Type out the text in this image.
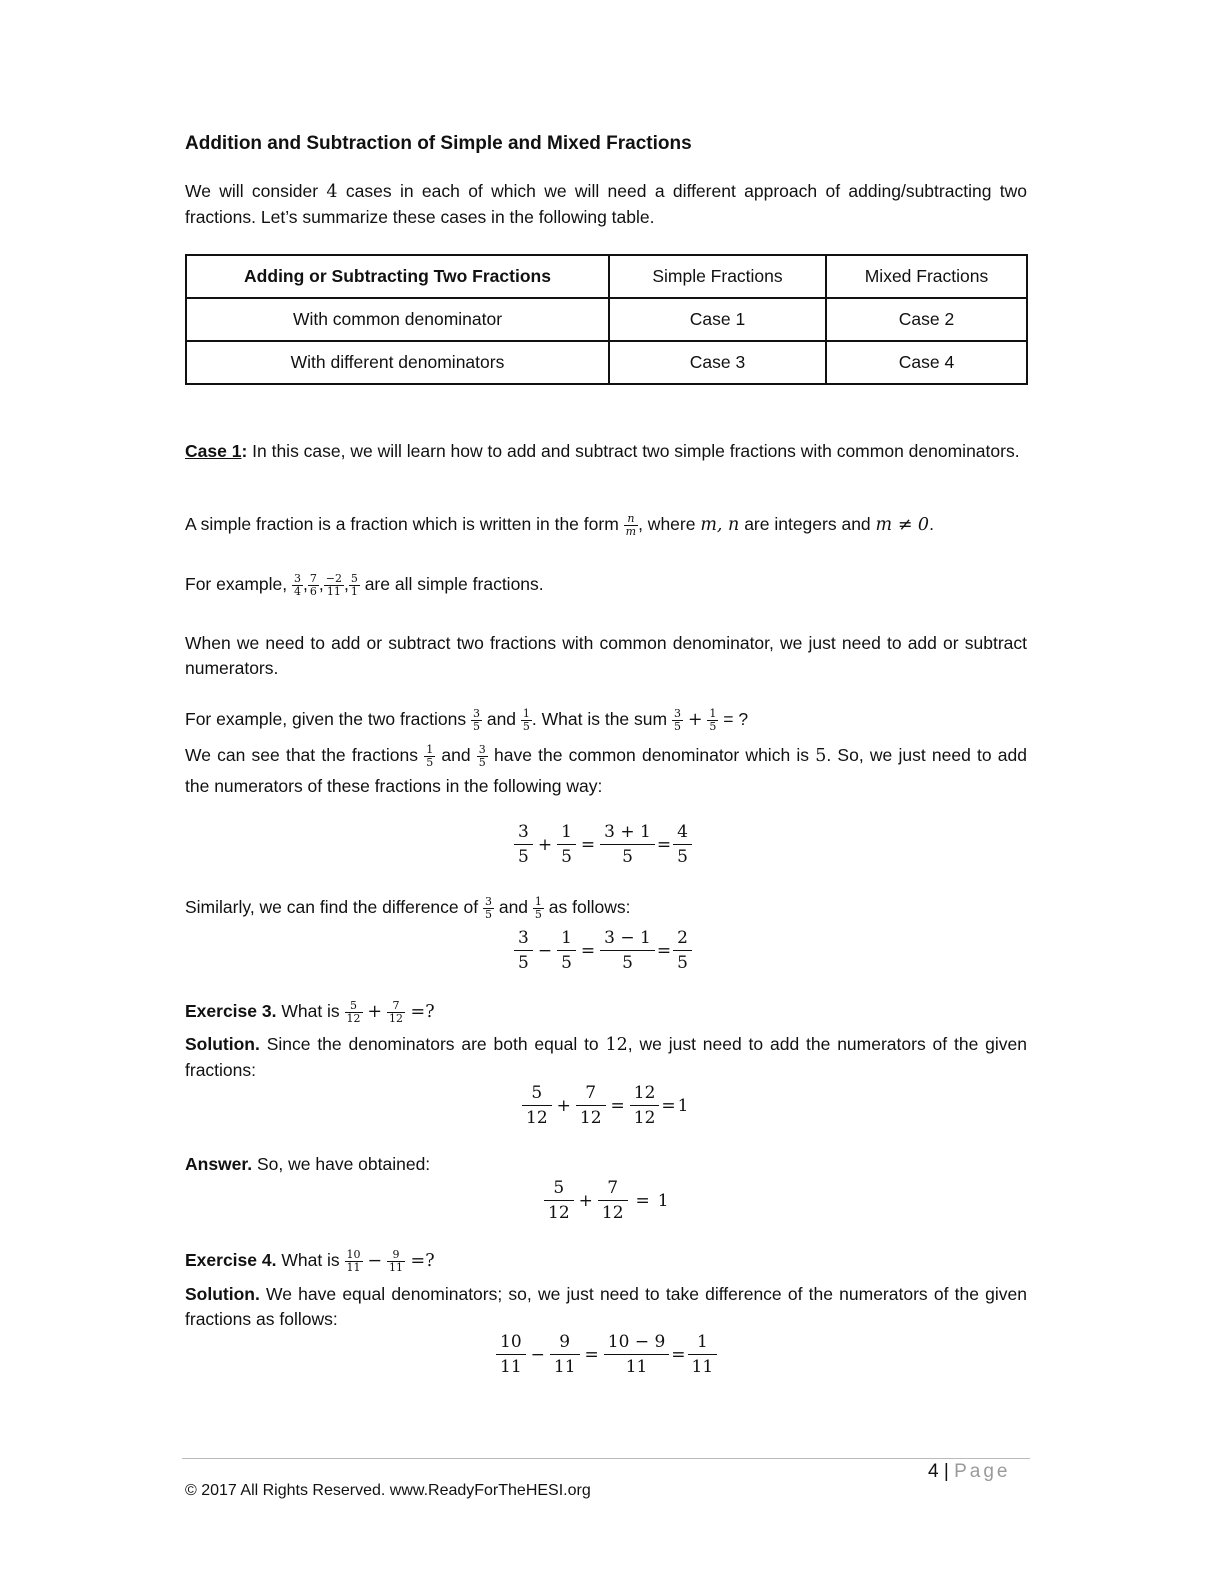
Addition and Subtraction of Simple and Mixed Fractions
We will consider 4 cases in each of which we will need a different approach of adding/subtracting two fractions. Let’s summarize these cases in the following table.
Adding or Subtracting Two Fractions	Simple Fractions	Mixed Fractions
With common denominator	Case 1	Case 2
With different denominators	Case 3	Case 4
Case 1: In this case, we will learn how to add and subtract two simple fractions with common denominators.
A simple fraction is a fraction which is written in the form $\frac{n}{m}$ , where m, n are integers and m ≠ 0.
For example, $\frac{3}{4}$ , $\frac{7}{6}$ , $\frac{-2}{11}$ , $\frac{5}{1}$ are all simple fractions.
When we need to add or subtract two fractions with common denominator, we just need to add or subtract numerators.
For example, given the two fractions $\frac{3}{5}$ and $\frac{1}{5}$ . What is the sum $\frac{3}{5} + \frac{1}{5}$ = ?
We can see that the fractions $\frac{1}{5}$ and $\frac{3}{5}$ have the common denominator which is 5. So, we just need to add the numerators of these fractions in the following way:
$\frac{3}{5} + \frac{1}{5} = \frac{3 + 1}{5} = \frac{4}{5}$
Similarly, we can find the difference of $\frac{3}{5}$ and $\frac{1}{5}$ as follows:
$\frac{3}{5} - \frac{1}{5} = \frac{3 - 1}{5} = \frac{2}{5}$
Exercise 3. What is $\frac{5}{12} + \frac{7}{12}$ =?
Solution. Since the denominators are both equal to 12, we just need to add the numerators of the given fractions:
$\frac{5}{12} + \frac{7}{12} = \frac{12}{12} = 1$
Answer. So, we have obtained:
$\frac{5}{12} + \frac{7}{12} = 1$
Exercise 4. What is $\frac{10}{11} - \frac{9}{11}$ =?
Solution. We have equal denominators; so, we just need to take difference of the numerators of the given fractions as follows:
$\frac{10}{11} - \frac{9}{11} = \frac{10 - 9}{11} = \frac{1}{11}$
4 | Page
© 2017 All Rights Reserved. www.ReadyForTheHESI.org
